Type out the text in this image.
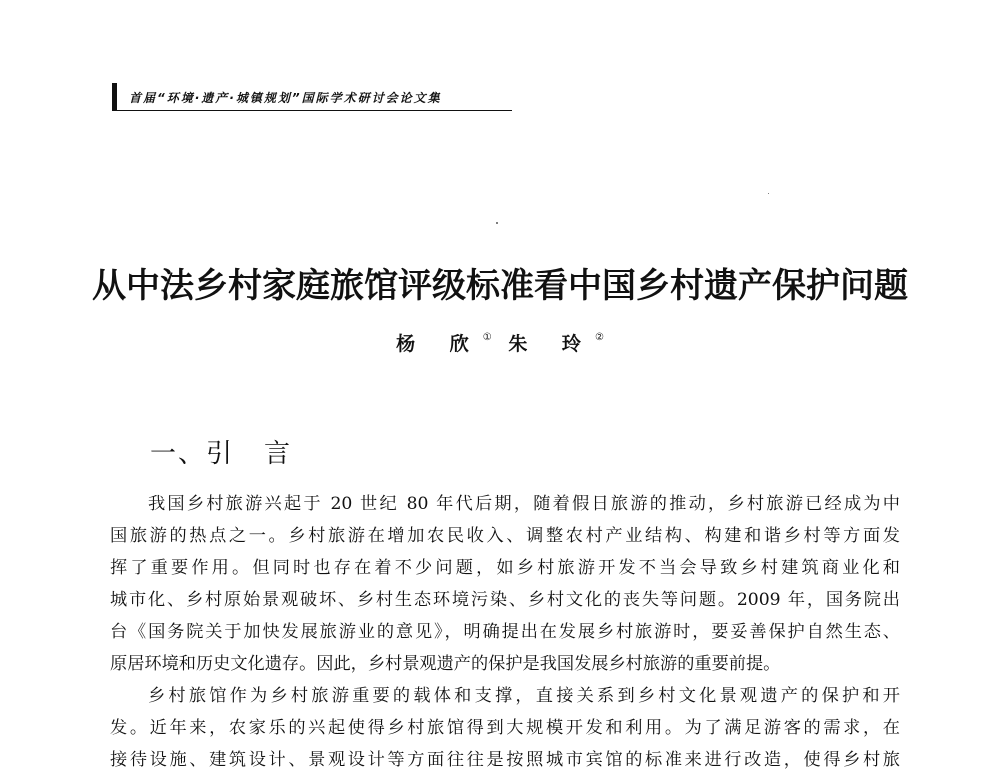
首届“环境·遗产·城镇规划”国际学术研讨会论文集
从中法乡村家庭旅馆评级标准看中国乡村遗产保护问题
杨 欣① 朱 玲②
一、引 言
我国乡村旅游兴起于 20 世纪 80 年代后期，随着假日旅游的推动，乡村旅游已经成为中
国旅游的热点之一。乡村旅游在增加农民收入、调整农村产业结构、构建和谐乡村等方面发
挥了重要作用。但同时也存在着不少问题，如乡村旅游开发不当会导致乡村建筑商业化和
城市化、乡村原始景观破坏、乡村生态环境污染、乡村文化的丧失等问题。2009 年，国务院出
台《国务院关于加快发展旅游业的意见》，明确提出在发展乡村旅游时，要妥善保护自然生态、
原居环境和历史文化遗存。因此，乡村景观遗产的保护是我国发展乡村旅游的重要前提。
乡村旅馆作为乡村旅游重要的载体和支撑，直接关系到乡村文化景观遗产的保护和开
发。近年来，农家乐的兴起使得乡村旅馆得到大规模开发和利用。为了满足游客的需求，在
接待设施、建筑设计、景观设计等方面往往是按照城市宾馆的标准来进行改造，使得乡村旅
